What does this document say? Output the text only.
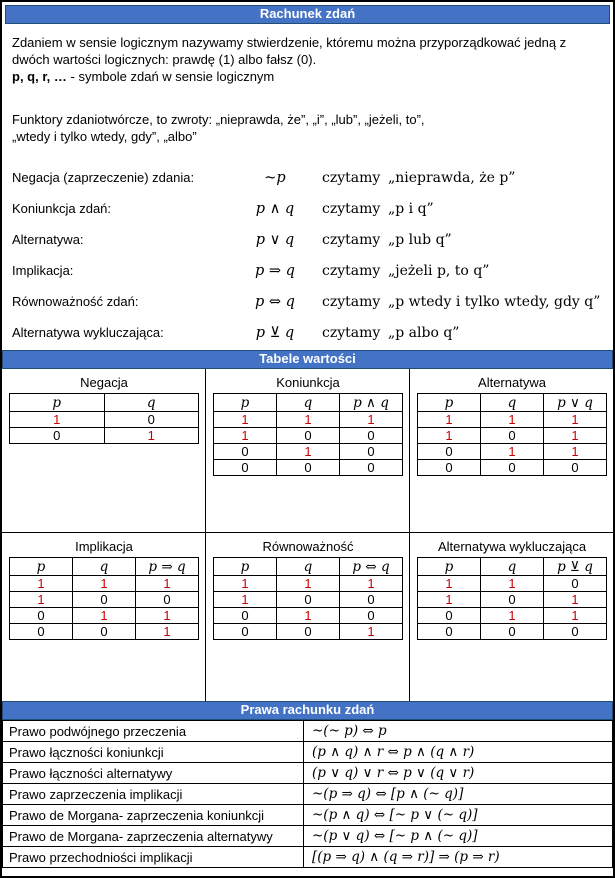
Rachunek zdań
Zdaniem w sensie logicznym nazywamy stwierdzenie, któremu można przyporządkować jedną z
dwóch wartości logicznych: prawdę (1) albo fałsz (0).
p, q, r, … - symbole zdań w sensie logicznym
Funktory zdaniotwórcze, to zwroty: „nieprawda, że”, „i”, „lub”, „jeżeli, to”,
„wtedy i tylko wtedy, gdy”, „albo”
Negacja (zaprzeczenie) zdania:	~p	czytamy „nieprawda, że p”
Koniunkcja zdań:	p ∧ q	czytamy „p i q”
Alternatywa:	p ∨ q	czytamy „p lub q”
Implikacja:	p ⇒ q	czytamy „jeżeli p, to q”
Równoważność zdań:	p ⇔ q	czytamy „p wtedy i tylko wtedy, gdy q”
Alternatywa wykluczająca:	p ⊻ q	czytamy „p albo q”
Tabele wartości
Negacja
p	q
1	0
0	1
Koniunkcja
p	q	p ∧ q
1	1	1
1	0	0
0	1	0
0	0	0
Alternatywa
p	q	p ∨ q
1	1	1
1	0	1
0	1	1
0	0	0
Implikacja
p	q	p ⇒ q
1	1	1
1	0	0
0	1	1
0	0	1
Równoważność
p	q	p ⇔ q
1	1	1
1	0	0
0	1	0
0	0	1
Alternatywa wykluczająca
p	q	p ⊻ q
1	1	0
1	0	1
0	1	1
0	0	0
Prawa rachunku zdań
Prawo podwójnego przeczenia	~(~ p) ⇔ p
Prawo łączności koniunkcji	(p ∧ q) ∧ r ⇔ p ∧ (q ∧ r)
Prawo łączności alternatywy	(p ∨ q) ∨ r ⇔ p ∨ (q ∨ r)
Prawo zaprzeczenia implikacji	~(p ⇒ q) ⇔ [p ∧ (~ q)]
Prawo de Morgana- zaprzeczenia koniunkcji	~(p ∧ q) ⇔ [~ p ∨ (~ q)]
Prawo de Morgana- zaprzeczenia alternatywy	~(p ∨ q) ⇔ [~ p ∧ (~ q)]
Prawo przechodniości implikacji	[(p ⇒ q) ∧ (q ⇒ r)] ⇒ (p ⇒ r)
